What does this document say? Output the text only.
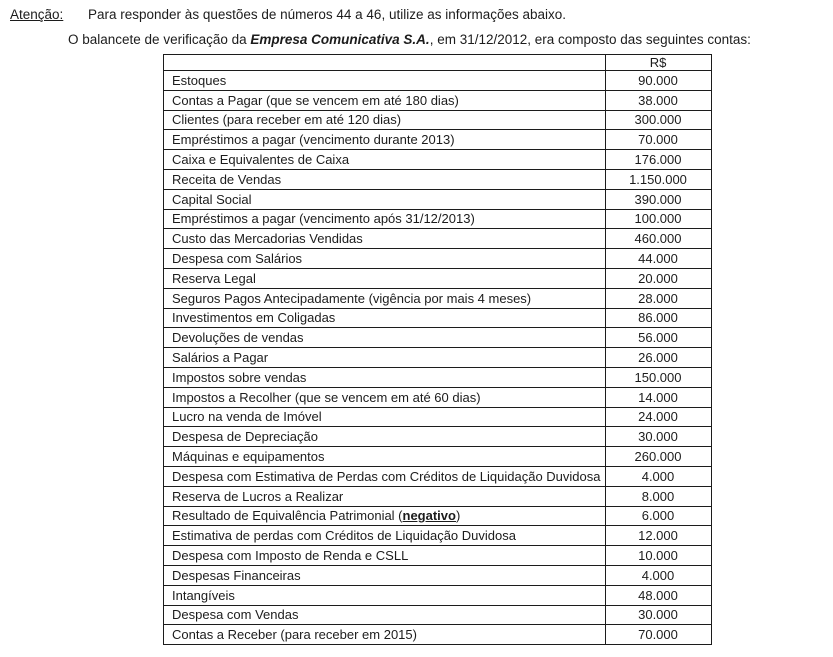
Atenção: Para responder às questões de números 44 a 46, utilize as informações abaixo.
O balancete de verificação da Empresa Comunicativa S.A., em 31/12/2012, era composto das seguintes contas:
	R$
Estoques	90.000
Contas a Pagar (que se vencem em até 180 dias)	38.000
Clientes (para receber em até 120 dias)	300.000
Empréstimos a pagar (vencimento durante 2013)	70.000
Caixa e Equivalentes de Caixa	176.000
Receita de Vendas	1.150.000
Capital Social	390.000
Empréstimos a pagar (vencimento após 31/12/2013)	100.000
Custo das Mercadorias Vendidas	460.000
Despesa com Salários	44.000
Reserva Legal	20.000
Seguros Pagos Antecipadamente (vigência por mais 4 meses)	28.000
Investimentos em Coligadas	86.000
Devoluções de vendas	56.000
Salários a Pagar	26.000
Impostos sobre vendas	150.000
Impostos a Recolher (que se vencem em até 60 dias)	14.000
Lucro na venda de Imóvel	24.000
Despesa de Depreciação	30.000
Máquinas e equipamentos	260.000
Despesa com Estimativa de Perdas com Créditos de Liquidação Duvidosa	4.000
Reserva de Lucros a Realizar	8.000
Resultado de Equivalência Patrimonial (negativo)	6.000
Estimativa de perdas com Créditos de Liquidação Duvidosa	12.000
Despesa com Imposto de Renda e CSLL	10.000
Despesas Financeiras	4.000
Intangíveis	48.000
Despesa com Vendas	30.000
Contas a Receber (para receber em 2015)	70.000
